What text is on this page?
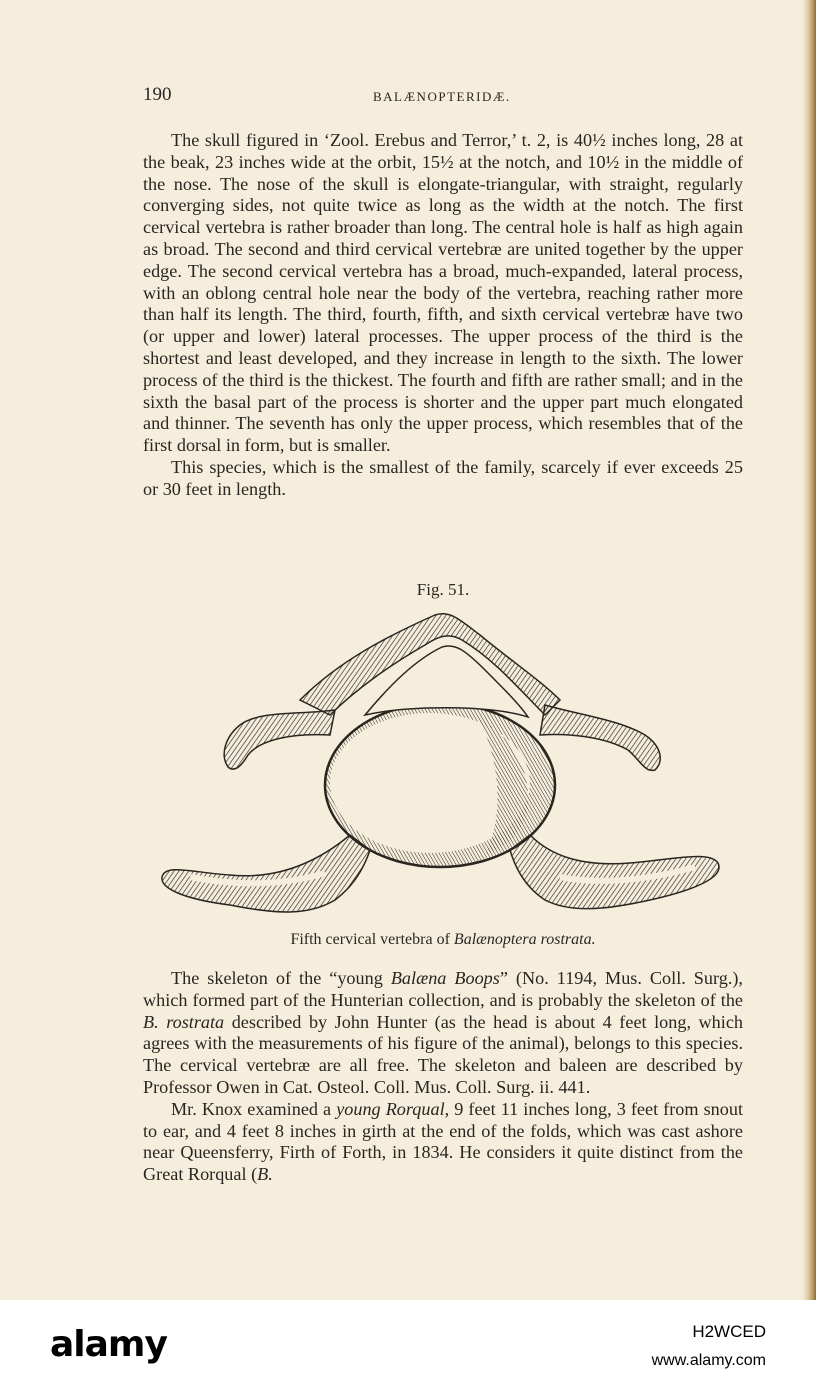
190	BALÆNOPTERIDÆ.

The skull figured in ‘Zool. Erebus and Terror,’ t. 2, is 40½ inches long, 28 at the beak, 23 inches wide at the orbit, 15½ at the notch, and 10½ in the middle of the nose. The nose of the skull is elongate-triangular, with straight, regularly converging sides, not quite twice as long as the width at the notch. The first cervical vertebra is rather broader than long. The central hole is half as high again as broad. The second and third cervical vertebræ are united together by the upper edge. The second cervical vertebra has a broad, much-expanded, lateral process, with an oblong central hole near the body of the vertebra, reaching rather more than half its length. The third, fourth, fifth, and sixth cervical vertebræ have two (or upper and lower) lateral processes. The upper process of the third is the shortest and least developed, and they increase in length to the sixth. The lower process of the third is the thickest. The fourth and fifth are rather small; and in the sixth the basal part of the process is shorter and the upper part much elongated and thinner. The seventh has only the upper process, which resembles that of the first dorsal in form, but is smaller.

This species, which is the smallest of the family, scarcely if ever exceeds 25 or 30 feet in length.

Fig. 51.
Fifth cervical vertebra of Balænoptera rostrata.

The skeleton of the “young Balæna Boops” (No. 1194, Mus. Coll. Surg.), which formed part of the Hunterian collection, and is probably the skeleton of the B. rostrata described by John Hunter (as the head is about 4 feet long, which agrees with the measurements of his figure of the animal), belongs to this species. The cervical vertebræ are all free. The skeleton and baleen are described by Professor Owen in Cat. Osteol. Coll. Mus. Coll. Surg. ii. 441.

Mr. Knox examined a young Rorqual, 9 feet 11 inches long, 3 feet from snout to ear, and 4 feet 8 inches in girth at the end of the folds, which was cast ashore near Queensferry, Firth of Forth, in 1834. He considers it quite distinct from the Great Rorqual (B.

alamy	H2WCED
www.alamy.com
